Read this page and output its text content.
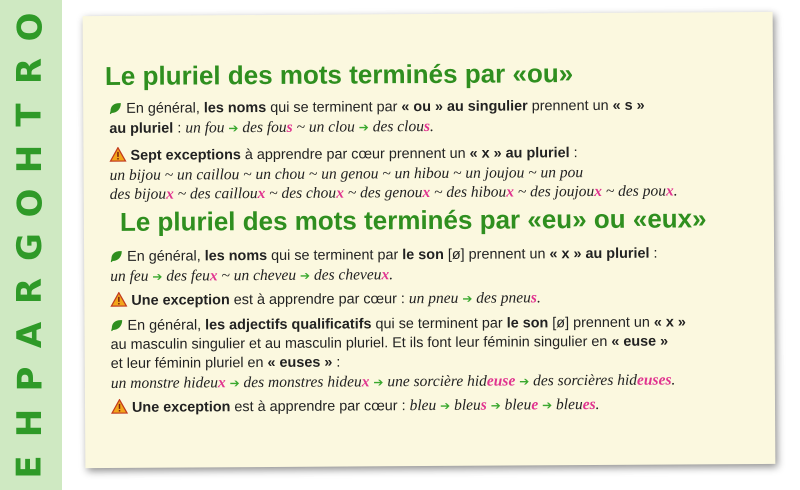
O
R
T
H
O
G
R
A
P
H
E
Le pluriel des mots terminés par «ou»
En général, les noms qui se terminent par « ou » au singulier prennent un « s »
au pluriel : un fou ➔ des fous ~ un clou ➔ des clous.
Sept exceptions à apprendre par cœur prennent un « x » au pluriel :
un bijou ~ un caillou ~ un chou ~ un genou ~ un hibou ~ un joujou ~ un pou
des bijoux ~ des cailloux ~ des choux ~ des genoux ~ des hiboux ~ des joujoux ~ des poux.
Le pluriel des mots terminés par «eu» ou «eux»
En général, les noms qui se terminent par le son [ø] prennent un « x » au pluriel :
un feu ➔ des feux ~ un cheveu ➔ des cheveux.
Une exception est à apprendre par cœur : un pneu ➔ des pneus.
En général, les adjectifs qualificatifs qui se terminent par le son [ø] prennent un « x »
au masculin singulier et au masculin pluriel. Et ils font leur féminin singulier en « euse »
et leur féminin pluriel en « euses » :
un monstre hideux ➔ des monstres hideux ➔ une sorcière hideuse ➔ des sorcières hideuses.
Une exception est à apprendre par cœur : bleu ➔ bleus ➔ bleue ➔ bleues.
